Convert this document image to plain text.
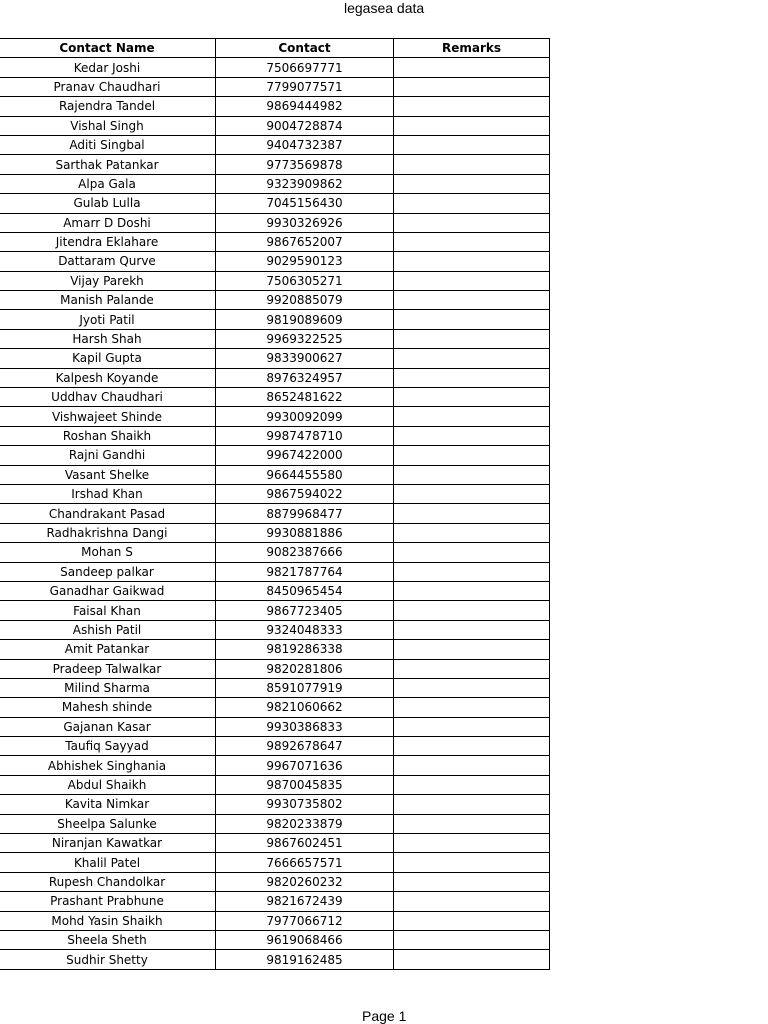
legasea data
Contact Name	Contact	Remarks
Kedar Joshi	7506697771	
Pranav Chaudhari	7799077571	
Rajendra Tandel	9869444982	
Vishal Singh	9004728874	
Aditi Singbal	9404732387	
Sarthak Patankar	9773569878	
Alpa Gala	9323909862	
Gulab Lulla	7045156430	
Amarr D Doshi	9930326926	
Jitendra Eklahare	9867652007	
Dattaram Qurve	9029590123	
Vijay Parekh	7506305271	
Manish Palande	9920885079	
Jyoti Patil	9819089609	
Harsh Shah	9969322525	
Kapil Gupta	9833900627	
Kalpesh Koyande	8976324957	
Uddhav Chaudhari	8652481622	
Vishwajeet Shinde	9930092099	
Roshan Shaikh	9987478710	
Rajni Gandhi	9967422000	
Vasant Shelke	9664455580	
Irshad Khan	9867594022	
Chandrakant Pasad	8879968477	
Radhakrishna Dangi	9930881886	
Mohan S	9082387666	
Sandeep palkar	9821787764	
Ganadhar Gaikwad	8450965454	
Faisal Khan	9867723405	
Ashish Patil	9324048333	
Amit Patankar	9819286338	
Pradeep Talwalkar	9820281806	
Milind Sharma	8591077919	
Mahesh shinde	9821060662	
Gajanan Kasar	9930386833	
Taufiq Sayyad	9892678647	
Abhishek Singhania	9967071636	
Abdul Shaikh	9870045835	
Kavita Nimkar	9930735802	
Sheelpa Salunke	9820233879	
Niranjan Kawatkar	9867602451	
Khalil Patel	7666657571	
Rupesh Chandolkar	9820260232	
Prashant Prabhune	9821672439	
Mohd Yasin Shaikh	7977066712	
Sheela Sheth	9619068466	
Sudhir Shetty	9819162485	
Page 1
